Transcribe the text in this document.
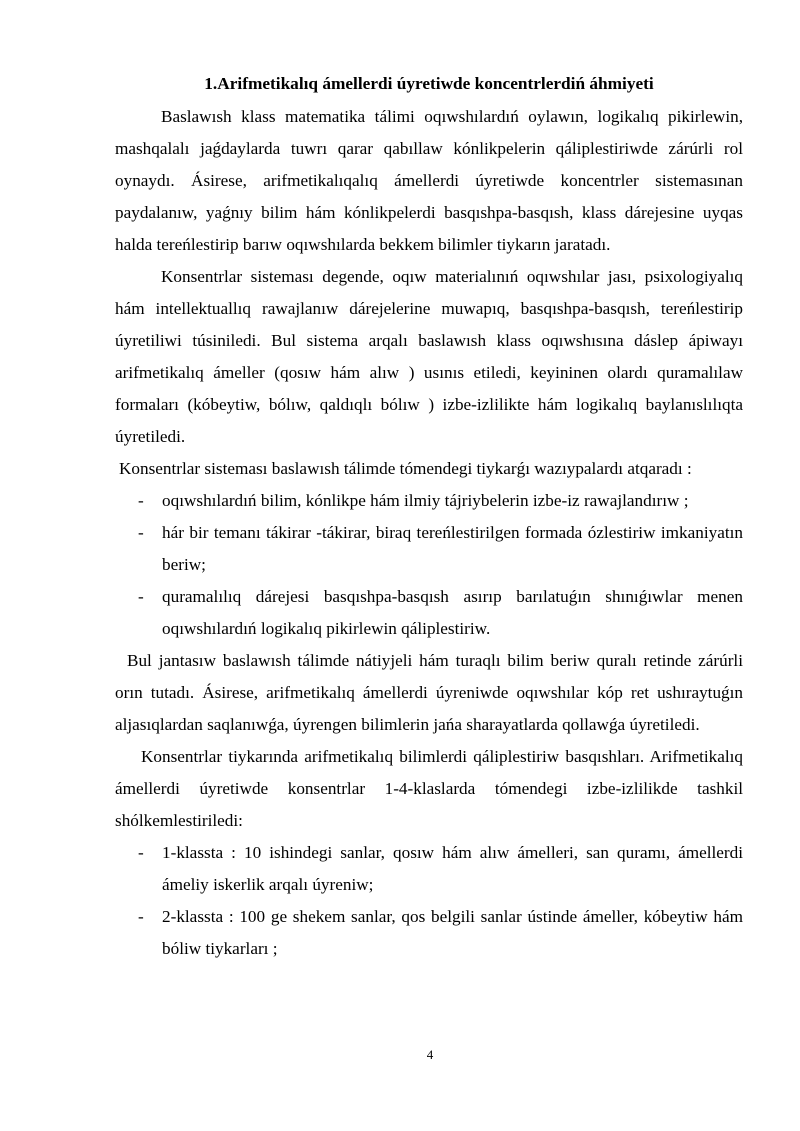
1.Arifmetikalıq ámellerdi úyretiwde koncentrlerdiń áhmiyeti

Baslawısh klass matematika tálimi oqıwshılardıń oylawın, logikalıq pikirlewin, mashqalalı jaǵdaylarda tuwrı qarar qabıllaw kónlikpelerin qáliplestiriwde zárúrli rol oynaydı. Ásirese, arifmetikalıqalıq ámellerdi úyretiwde koncentrler sistemasınan paydalanıw, yaǵnıy bilim hám kónlikpelerdi basqıshpa-basqısh, klass dárejesine uyqas halda tereńlestirip barıw oqıwshılarda bekkem bilimler tiykarın jaratadı.

Konsentrlar sisteması degende, oqıw materialınıń oqıwshılar jası, psixologiyalıq hám intellektuallıq rawajlanıw dárejelerine muwapıq, basqıshpa-basqısh, tereńlestirip úyretiliwi túsiniledi. Bul sistema arqalı baslawısh klass oqıwshısına dáslep ápiwayı arifmetikalıq ámeller (qosıw hám alıw ) usınıs etiledi, keyininen olardı quramalılaw formaları (kóbeytiw, bólıw, qaldıqlı bólıw ) izbe-izlilikte hám logikalıq baylanıslılıqta úyretiledi.

Konsentrlar sisteması baslawısh tálimde tómendegi tiykarǵı wazıypalardı atqaradı :

- oqıwshılardıń bilim, kónlikpe hám ilmiy tájriybelerin izbe-iz rawajlandırıw ;
- hár bir temanı tákirar -tákirar, biraq tereńlestirilgen formada ózlestiriw imkaniyatın beriw;
- quramalılıq dárejesi basqıshpa-basqısh asırıp barılatuǵın shınıǵıwlar menen oqıwshılardıń logikalıq pikirlewin qáliplestiriw.

Bul jantasıw baslawısh tálimde nátiyjeli hám turaqlı bilim beriw quralı retinde zárúrli orın tutadı. Ásirese, arifmetikalıq ámellerdi úyreniwde oqıwshılar kóp ret ushıraytuǵın aljasıqlardan saqlanıwǵa, úyrengen bilimlerin jańa sharayatlarda qollawǵa úyretiledi.

Konsentrlar tiykarında arifmetikalıq bilimlerdi qáliplestiriw basqıshları. Arifmetikalıq ámellerdi úyretiwde konsentrlar 1-4-klaslarda tómendegi izbe-izlilikde tashkil shólkemlestiriledi:

- 1-klassta : 10 ishindegi sanlar, qosıw hám alıw ámelleri, san quramı, ámellerdi ámeliy iskerlik arqalı úyreniw;
- 2-klassta : 100 ge shekem sanlar, qos belgili sanlar ústinde ámeller, kóbeytiw hám bóliw tiykarları ;
4
